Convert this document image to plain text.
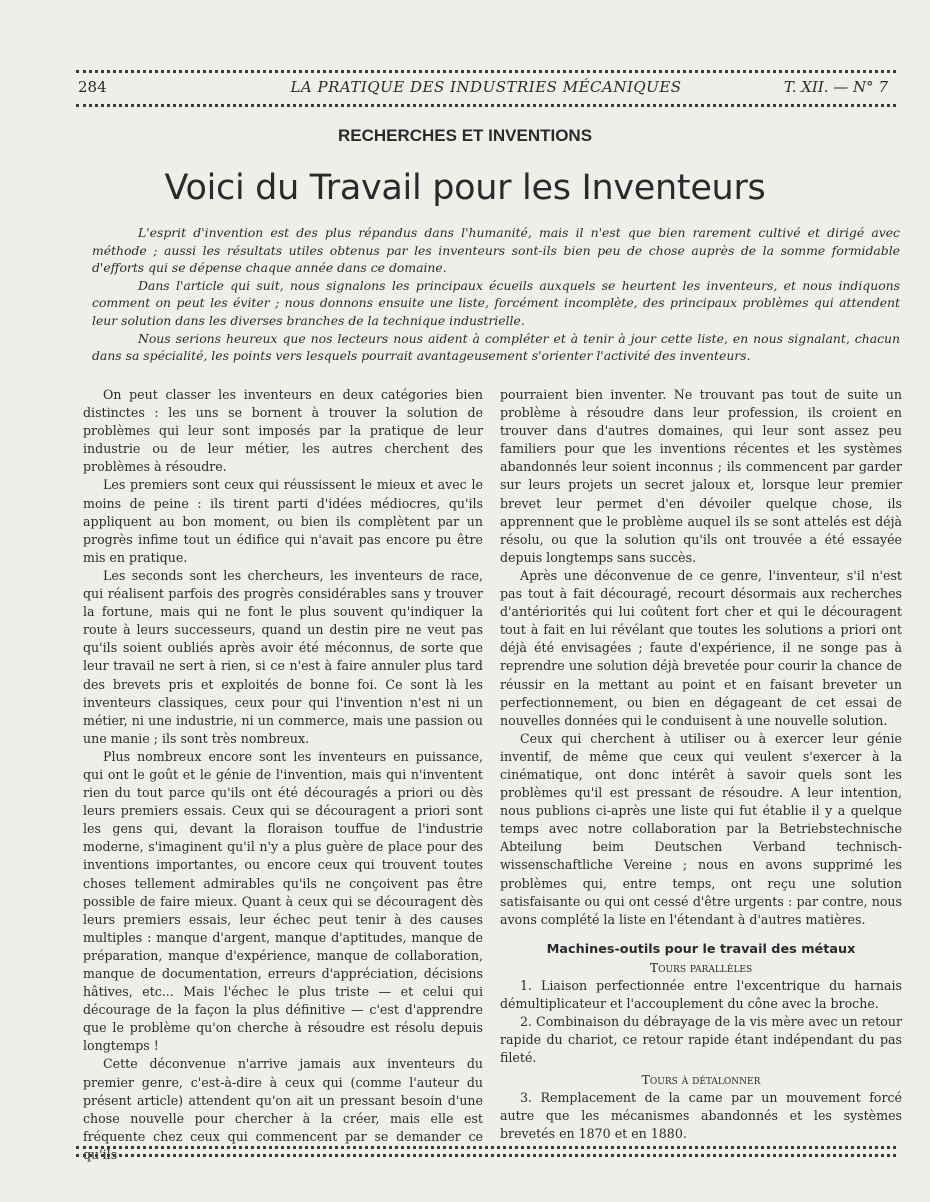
284	LA PRATIQUE DES INDUSTRIES MÉCANIQUES	T. XII. — N° 7
RECHERCHES ET INVENTIONS
Voici du Travail pour les Inventeurs

L'esprit d'invention est des plus répandus dans l'humanité, mais il n'est que bien rarement cultivé et dirigé avec méthode ; aussi les résultats utiles obtenus par les inventeurs sont-ils bien peu de chose auprès de la somme formidable d'efforts qui se dépense chaque année dans ce domaine.

Dans l'article qui suit, nous signalons les principaux écueils auxquels se heurtent les inventeurs, et nous indiquons comment on peut les éviter ; nous donnons ensuite une liste, forcément incomplète, des principaux problèmes qui attendent leur solution dans les diverses branches de la technique industrielle.

Nous serions heureux que nos lecteurs nous aident à compléter et à tenir à jour cette liste, en nous signalant, chacun dans sa spécialité, les points vers lesquels pourrait avantageusement s'orienter l'activité des inventeurs.

On peut classer les inventeurs en deux catégories bien distinctes : les uns se bornent à trouver la solution de problèmes qui leur sont imposés par la pratique de leur industrie ou de leur métier, les autres cherchent des problèmes à résoudre.

Les premiers sont ceux qui réussissent le mieux et avec le moins de peine : ils tirent parti d'idées médiocres, qu'ils appliquent au bon moment, ou bien ils complètent par un progrès infime tout un édifice qui n'avait pas encore pu être mis en pratique.

Les seconds sont les chercheurs, les inventeurs de race, qui réalisent parfois des progrès considérables sans y trouver la fortune, mais qui ne font le plus souvent qu'indiquer la route à leurs successeurs, quand un destin pire ne veut pas qu'ils soient oubliés après avoir été méconnus, de sorte que leur travail ne sert à rien, si ce n'est à faire annuler plus tard des brevets pris et exploités de bonne foi. Ce sont là les inventeurs classiques, ceux pour qui l'invention n'est ni un métier, ni une industrie, ni un commerce, mais une passion ou une manie ; ils sont très nombreux.

Plus nombreux encore sont les inventeurs en puissance, qui ont le goût et le génie de l'invention, mais qui n'inventent rien du tout parce qu'ils ont été découragés a priori ou dès leurs premiers essais. Ceux qui se découragent a priori sont les gens qui, devant la floraison touffue de l'industrie moderne, s'imaginent qu'il n'y a plus guère de place pour des inventions importantes, ou encore ceux qui trouvent toutes choses tellement admirables qu'ils ne conçoivent pas être possible de faire mieux. Quant à ceux qui se découragent dès leurs premiers essais, leur échec peut tenir à des causes multiples : manque d'argent, manque d'aptitudes, manque de préparation, manque d'expérience, manque de collaboration, manque de documentation, erreurs d'appréciation, décisions hâtives, etc... Mais l'échec le plus triste — et celui qui décourage de la façon la plus définitive — c'est d'apprendre que le problème qu'on cherche à résoudre est résolu depuis longtemps !

Cette déconvenue n'arrive jamais aux inventeurs du premier genre, c'est-à-dire à ceux qui (comme l'auteur du présent article) attendent qu'on ait un pressant besoin d'une chose nouvelle pour chercher à la créer, mais elle est fréquente chez ceux qui commencent par se demander ce qu'ils

pourraient bien inventer. Ne trouvant pas tout de suite un problème à résoudre dans leur profession, ils croient en trouver dans d'autres domaines, qui leur sont assez peu familiers pour que les inventions récentes et les systèmes abandonnés leur soient inconnus ; ils commencent par garder sur leurs projets un secret jaloux et, lorsque leur premier brevet leur permet d'en dévoiler quelque chose, ils apprennent que le problème auquel ils se sont attelés est déjà résolu, ou que la solution qu'ils ont trouvée a été essayée depuis longtemps sans succès.

Après une déconvenue de ce genre, l'inventeur, s'il n'est pas tout à fait découragé, recourt désormais aux recherches d'antériorités qui lui coûtent fort cher et qui le découragent tout à fait en lui révélant que toutes les solutions a priori ont déjà été envisagées ; faute d'expérience, il ne songe pas à reprendre une solution déjà brevetée pour courir la chance de réussir en la mettant au point et en faisant breveter un perfectionnement, ou bien en dégageant de cet essai de nouvelles données qui le conduisent à une nouvelle solution.

Ceux qui cherchent à utiliser ou à exercer leur génie inventif, de même que ceux qui veulent s'exercer à la cinématique, ont donc intérêt à savoir quels sont les problèmes qu'il est pressant de résoudre. A leur intention, nous publions ci-après une liste qui fut établie il y a quelque temps avec notre collaboration par la Betriebstechnische Abteilung beim Deutschen Verband technisch-wissenschaftliche Vereine ; nous en avons supprimé les problèmes qui, entre temps, ont reçu une solution satisfaisante ou qui ont cessé d'être urgents : par contre, nous avons complété la liste en l'étendant à d'autres matières.

Machines-outils pour le travail des métaux
Tours parallèles

1. Liaison perfectionnée entre l'excentrique du harnais démultiplicateur et l'accouplement du cône avec la broche.

2. Combinaison du débrayage de la vis mère avec un retour rapide du chariot, ce retour rapide étant indépendant du pas fileté.

Tours à détalonner

3. Remplacement de la came par un mouvement forcé autre que les mécanismes abandonnés et les systèmes brevetés en 1870 et en 1880.
